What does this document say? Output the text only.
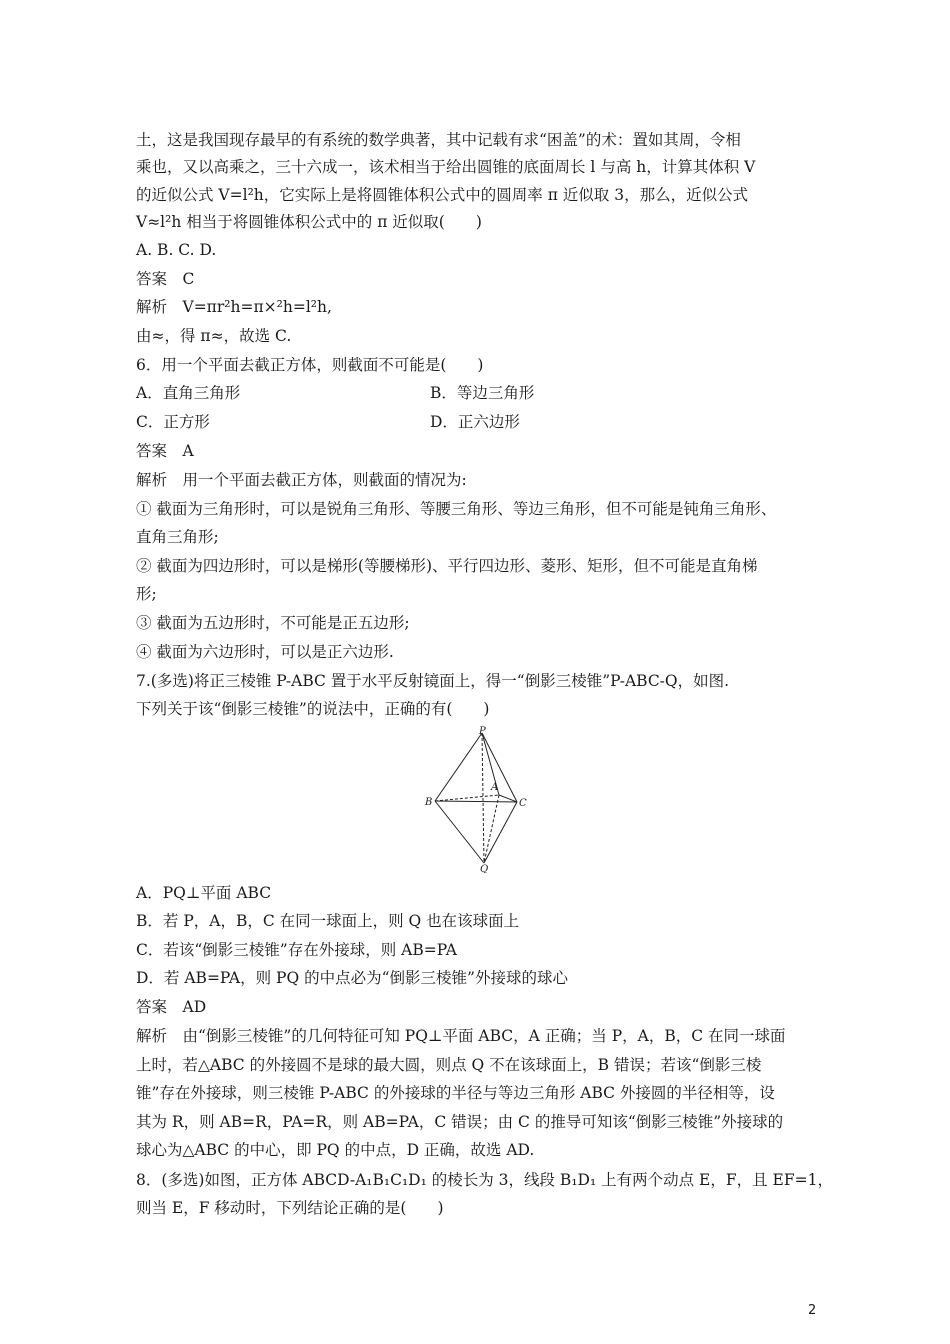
土，这是我国现存最早的有系统的数学典著，其中记载有求“困盖”的术：置如其周，令相
乘也，又以高乘之，三十六成一，该术相当于给出圆锥的底面周长 l 与高 h，计算其体积 V
的近似公式 V=l²h，它实际上是将圆锥体积公式中的圆周率 π 近似取 3，那么，近似公式
V≈l²h 相当于将圆锥体积公式中的 π 近似取(　　)
A. B. C. D.
答案　C
解析　V=πr²h=π×²h=l²h,
由≈，得 π≈，故选 C.
6．用一个平面去截正方体，则截面不可能是(　　)
A．直角三角形	B．等边三角形
C．正方形	D．正六边形
答案　A
解析　用一个平面去截正方体，则截面的情况为:
① 截面为三角形时，可以是锐角三角形、等腰三角形、等边三角形，但不可能是钝角三角形、
直角三角形;
② 截面为四边形时，可以是梯形(等腰梯形)、平行四边形、菱形、矩形，但不可能是直角梯
形;
③ 截面为五边形时，不可能是正五边形;
④ 截面为六边形时，可以是正六边形.
7.(多选)将正三棱锥 P-ABC 置于水平反射镜面上，得一“倒影三棱锥”P-ABC-Q，如图.
下列关于该“倒影三棱锥”的说法中，正确的有(　　)
P
A
B	C
Q
A．PQ⊥平面 ABC
B．若 P，A，B，C 在同一球面上，则 Q 也在该球面上
C．若该“倒影三棱锥”存在外接球，则 AB=PA
D．若 AB=PA，则 PQ 的中点必为“倒影三棱锥”外接球的球心
答案　AD
解析　由“倒影三棱锥”的几何特征可知 PQ⊥平面 ABC，A 正确；当 P，A，B，C 在同一球面
上时，若△ABC 的外接圆不是球的最大圆，则点 Q 不在该球面上，B 错误；若该“倒影三棱
锥”存在外接球，则三棱锥 P-ABC 的外接球的半径与等边三角形 ABC 外接圆的半径相等，设
其为 R，则 AB=R，PA=R，则 AB=PA，C 错误；由 C 的推导可知该“倒影三棱锥”外接球的
球心为△ABC 的中心，即 PQ 的中点，D 正确，故选 AD.
8．(多选)如图，正方体 ABCD-A₁B₁C₁D₁ 的棱长为 3，线段 B₁D₁ 上有两个动点 E，F，且 EF=1，
则当 E，F 移动时，下列结论正确的是(　　)
2
